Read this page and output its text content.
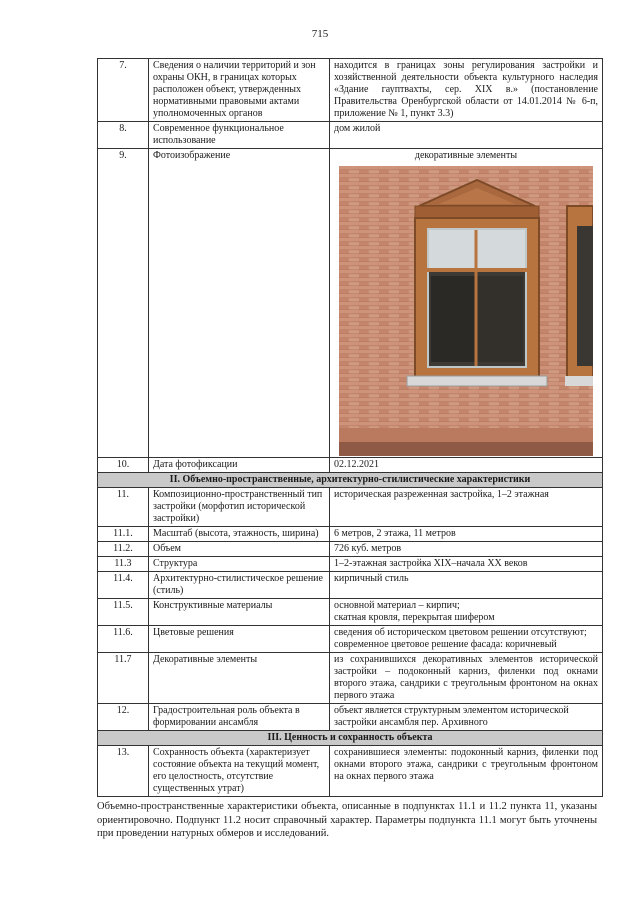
715
7.	Сведения о наличии территорий и зон охраны ОКН, в границах которых расположен объект, утвержденных нормативными правовыми актами уполномоченных органов	находится в границах зоны регулирования застройки и хозяйственной деятельности объекта культурного наследия «Здание гауптвахты, сер. XIX в.» (постановление Правительства Оренбургской области от 14.01.2014 № 6-п, приложение № 1, пункт 3.3)
8.	Современное функциональное использование	дом жилой
9.	Фотоизображение	декоративные элементы

10.	Дата фотофиксации	02.12.2021
II. Объемно-пространственные, архитектурно-стилистические характеристики		
11.	Композиционно-пространственный тип застройки (морфотип исторической застройки)	историческая разреженная застройка, 1–2 этажная
11.1.	Масштаб (высота, этажность, ширина)	6 метров, 2 этажа, 11 метров
11.2.	Объем	726 куб. метров
11.3	Структура	1–2-этажная застройка XIX–начала XX веков
11.4.	Архитектурно-стилистическое решение (стиль)	кирпичный стиль
11.5.	Конструктивные материалы	основной материал – кирпич;
скатная кровля, перекрытая шифером
11.6.	Цветовые решения	сведения об историческом цветовом решении отсутствуют;
современное цветовое решение фасада: коричневый
11.7	Декоративные элементы	из сохранившихся декоративных элементов исторической застройки – подоконный карниз, филенки под окнами второго этажа, сандрики с треугольным фронтоном на окнах первого этажа
12.	Градостроительная роль объекта в формировании ансамбля	объект является структурным элементом исторической застройки ансамбля пер. Архивного
III. Ценность и сохранность объекта		
13.	Сохранность объекта (характеризует состояние объекта на текущий момент, его целостность, отсутствие существенных утрат)	сохранившиеся элементы: подоконный карниз, филенки под окнами второго этажа, сандрики с треугольным фронтоном на окнах первого этажа
Объемно-пространственные характеристики объекта, описанные в подпунктах 11.1 и 11.2 пункта 11, указаны ориентировочно. Подпункт 11.2 носит справочный характер. Параметры подпункта 11.1 могут быть уточнены при проведении натурных обмеров и исследований.
